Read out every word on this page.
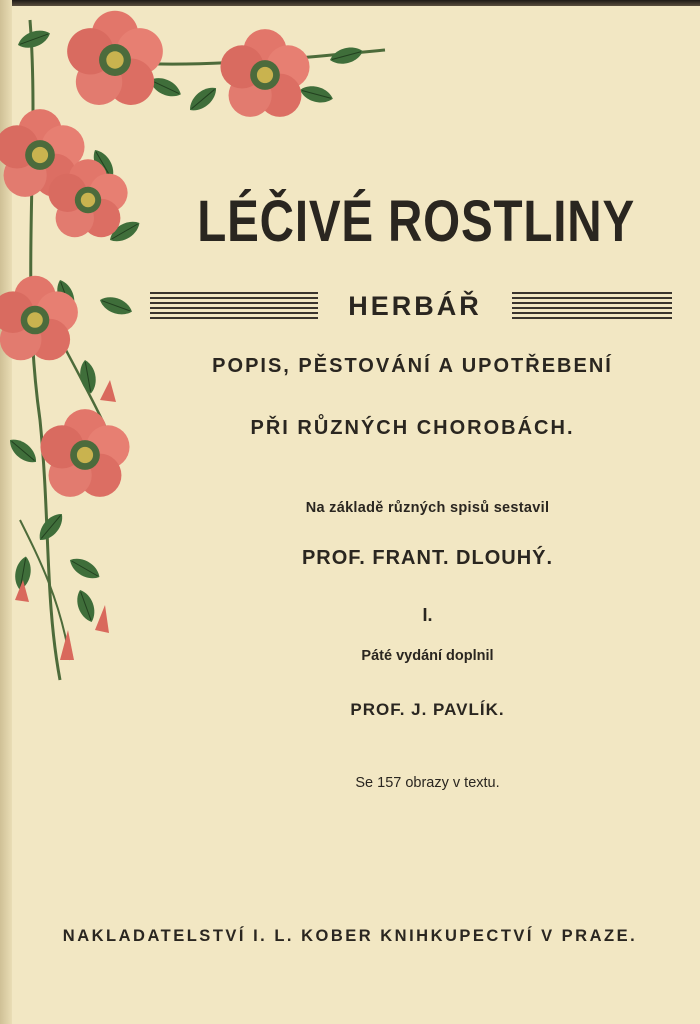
LÉČIVÉ ROSTLINY
HERBÁŘ
POPIS, PĚSTOVÁNÍ A UPOTŘEBENÍ
PŘI RŮZNÝCH CHOROBÁCH.
Na základě různých spisů sestavil
PROF. FRANT. DLOUHÝ.
I.
Páté vydání doplnil
PROF. J. PAVLÍK.
Se 157 obrazy v textu.
NAKLADATELSTVÍ I. L. KOBER KNIHKUPECTVÍ V PRAZE.
